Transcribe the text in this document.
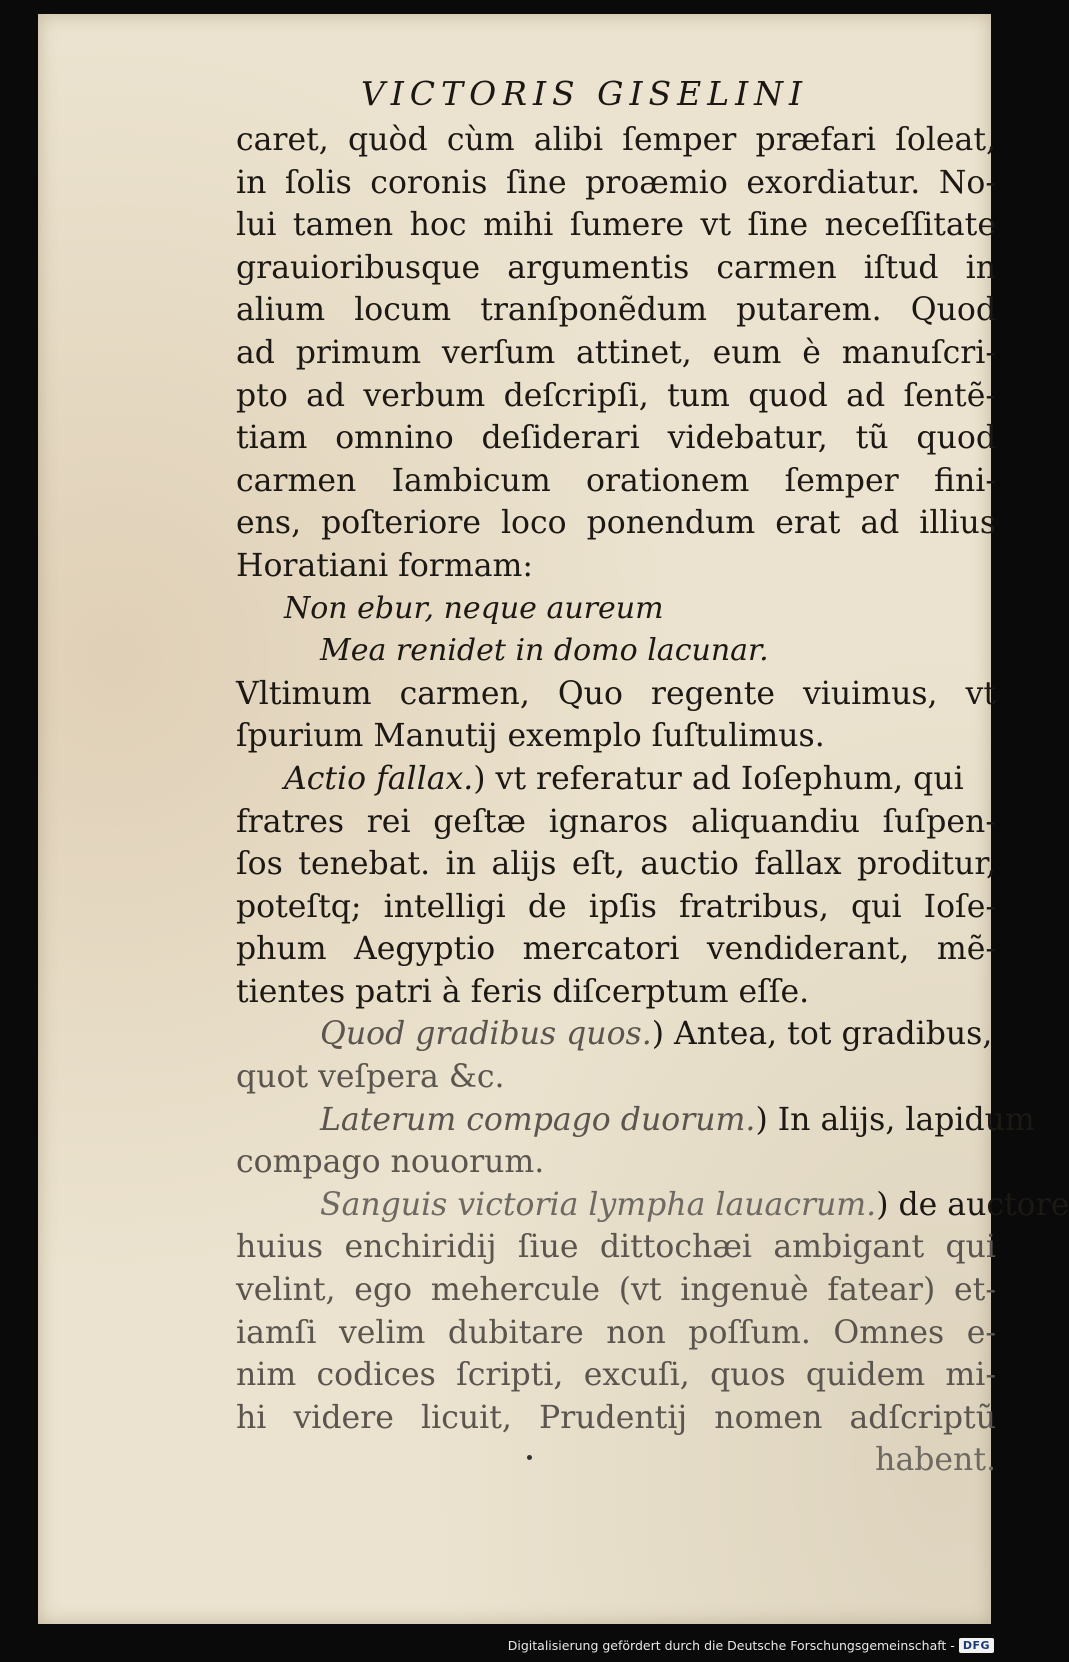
VICTORIS GISELINI
caret, quòd cùm alibi ſemper præfari ſoleat,
in ſolis coronis ſine proæmio exordiatur. No-
lui tamen hoc mihi ſumere vt ſine neceſſitate
grauioribusque argumentis carmen iſtud in
alium locum tranſponẽdum putarem. Quod
ad primum verſum attinet, eum è manuſcri-
pto ad verbum deſcripſi, tum quod ad ſentẽ-
tiam omnino deſiderari videbatur, tũ quod
carmen Iambicum orationem ſemper fini-
ens, poſteriore loco ponendum erat ad illius
Horatiani formam:
Non ebur, neque aureum
Mea renidet in domo lacunar.
Vltimum carmen, Quo regente viuimus, vt
ſpurium Manutij exemplo ſuſtulimus.
Actio fallax.) vt referatur ad Ioſephum, qui
fratres rei geſtæ ignaros aliquandiu ſuſpen-
ſos tenebat. in alijs eſt, auctio fallax proditur,
poteſtq; intelligi de ipſis fratribus, qui Ioſe-
phum Aegyptio mercatori vendiderant, mẽ-
tientes patri à feris diſcerptum eſſe.
Quod gradibus quos.) Antea, tot gradibus,
quot veſpera &c.
Laterum compago duorum.) In alijs, lapidum
compago nouorum.
Sanguis victoria lympha lauacrum.) de auctore
huius enchiridij ſiue dittochæi ambigant qui
velint, ego mehercule (vt ingenuè fatear) et-
iamſi velim dubitare non poſſum. Omnes e-
nim codices ſcripti, excuſi, quos quidem mi-
hi videre licuit, Prudentij nomen adſcriptũ
habent.
Digitalisierung gefördert durch die Deutsche Forschungsgemeinschaft - DFG
